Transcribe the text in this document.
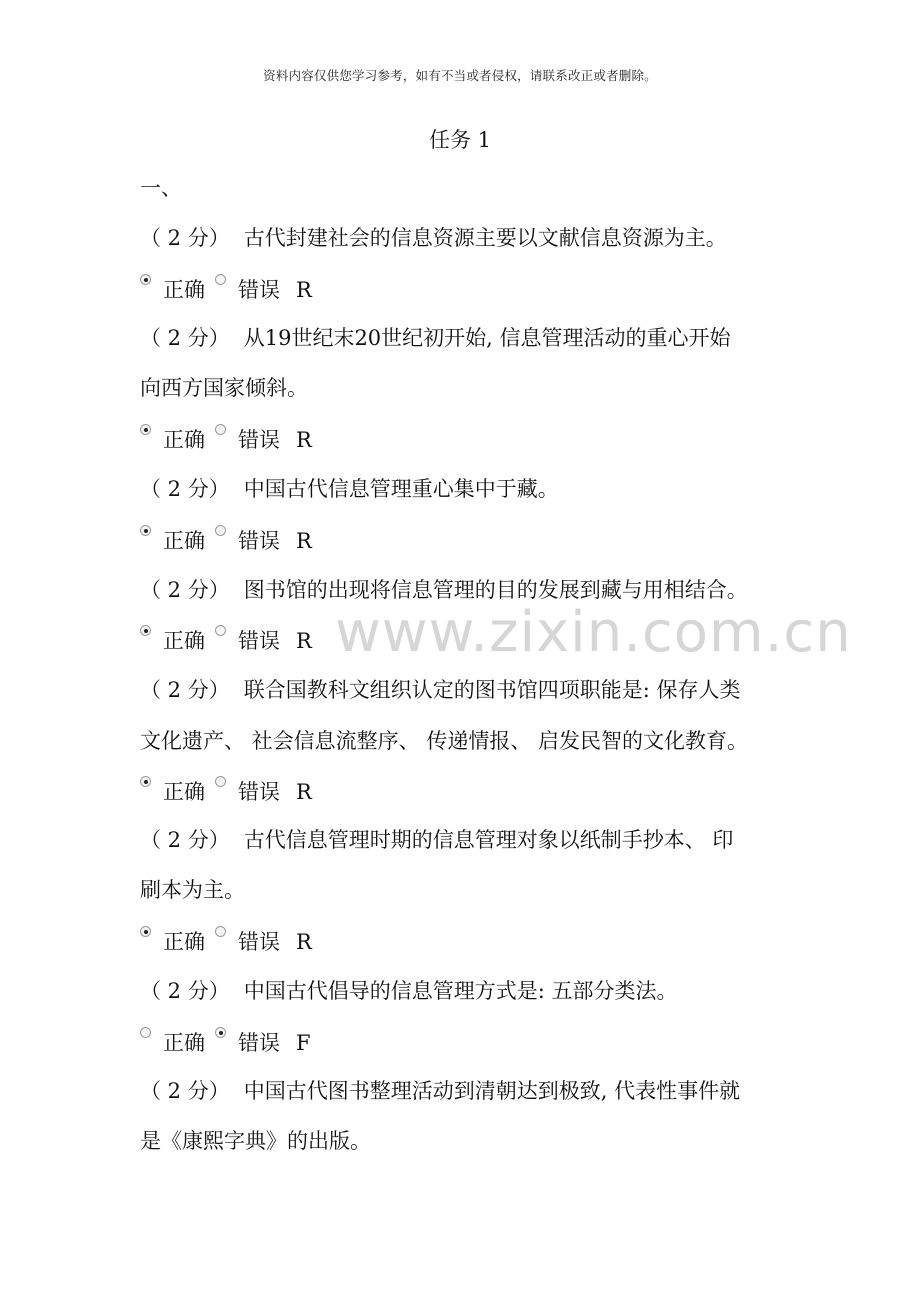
资料内容仅供您学习参考，如有不当或者侵权，请联系改正或者删除。
任务 1
一、
www.zixin.com.cn
（ 2 分） 古代封建社会的信息资源主要以文献信息资源为主。
正确 错误 R
（ 2 分） 从19世纪末20世纪初开始, 信息管理活动的重心开始
向西方国家倾斜。
正确 错误 R
（ 2 分） 中国古代信息管理重心集中于藏。
正确 错误 R
（ 2 分） 图书馆的出现将信息管理的目的发展到藏与用相结合。
正确 错误 R
（ 2 分） 联合国教科文组织认定的图书馆四项职能是: 保存人类
文化遗产、 社会信息流整序、 传递情报、 启发民智的文化教育。
正确 错误 R
（ 2 分） 古代信息管理时期的信息管理对象以纸制手抄本、 印
刷本为主。
正确 错误 R
（ 2 分） 中国古代倡导的信息管理方式是: 五部分类法。
正确 错误 F
（ 2 分） 中国古代图书整理活动到清朝达到极致, 代表性事件就
是《康熙字典》的出版。
